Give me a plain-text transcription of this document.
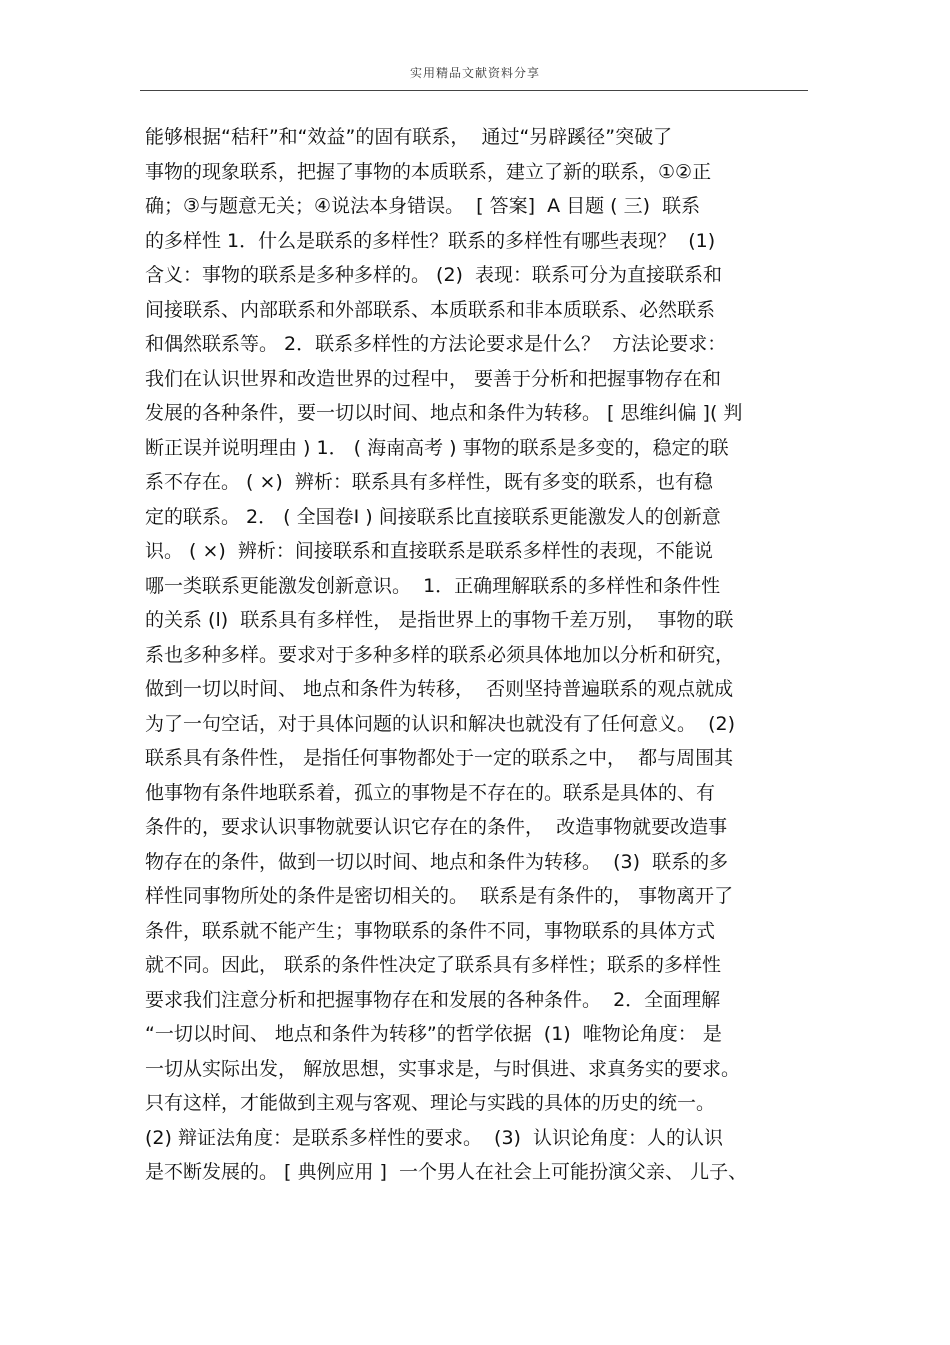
实用精品文献资料分享
能够根据“秸秆”和“效益”的固有联系，  通过“另辟蹊径”突破了
事物的现象联系，把握了事物的本质联系，建立了新的联系，①②正
确；③与题意无关；④说法本身错误。  [ 答案]  A 目题 ( 三)  联系
的多样性 1．什么是联系的多样性？联系的多样性有哪些表现？  (1)
含义：事物的联系是多种多样的。 (2)  表现：联系可分为直接联系和
间接联系、内部联系和外部联系、本质联系和非本质联系、必然联系
和偶然联系等。 2．联系多样性的方法论要求是什么？  方法论要求：
我们在认识世界和改造世界的过程中， 要善于分析和把握事物存在和
发展的各种条件，要一切以时间、地点和条件为转移。 [ 思维纠偏 ]( 判
断正误并说明理由 ) 1． ( 海南高考 ) 事物的联系是多变的，稳定的联
系不存在。 ( ×)  辨析：联系具有多样性，既有多变的联系，也有稳
定的联系。 2． ( 全国卷Ⅰ ) 间接联系比直接联系更能激发人的创新意
识。 ( ×)  辨析：间接联系和直接联系是联系多样性的表现，不能说
哪一类联系更能激发创新意识。  1．正确理解联系的多样性和条件性
的关系 (l)  联系具有多样性， 是指世界上的事物千差万别，  事物的联
系也多种多样。要求对于多种多样的联系必须具体地加以分析和研究，
做到一切以时间、 地点和条件为转移，  否则坚持普遍联系的观点就成
为了一句空话，对于具体问题的认识和解决也就没有了任何意义。  (2)
联系具有条件性， 是指任何事物都处于一定的联系之中，  都与周围其
他事物有条件地联系着，孤立的事物是不存在的。联系是具体的、有
条件的，要求认识事物就要认识它存在的条件，  改造事物就要改造事
物存在的条件，做到一切以时间、地点和条件为转移。  (3)  联系的多
样性同事物所处的条件是密切相关的。  联系是有条件的， 事物离开了
条件，联系就不能产生；事物联系的条件不同，事物联系的具体方式
就不同。因此， 联系的条件性决定了联系具有多样性；联系的多样性
要求我们注意分析和把握事物存在和发展的各种条件。  2．全面理解
“一切以时间、 地点和条件为转移”的哲学依据  (1)  唯物论角度： 是
一切从实际出发， 解放思想，实事求是，与时俱进、求真务实的要求。
只有这样，才能做到主观与客观、理论与实践的具体的历史的统一。
(2) 辩证法角度：是联系多样性的要求。  (3)  认识论角度：人的认识
是不断发展的。 [ 典例应用 ]  一个男人在社会上可能扮演父亲、 儿子、
